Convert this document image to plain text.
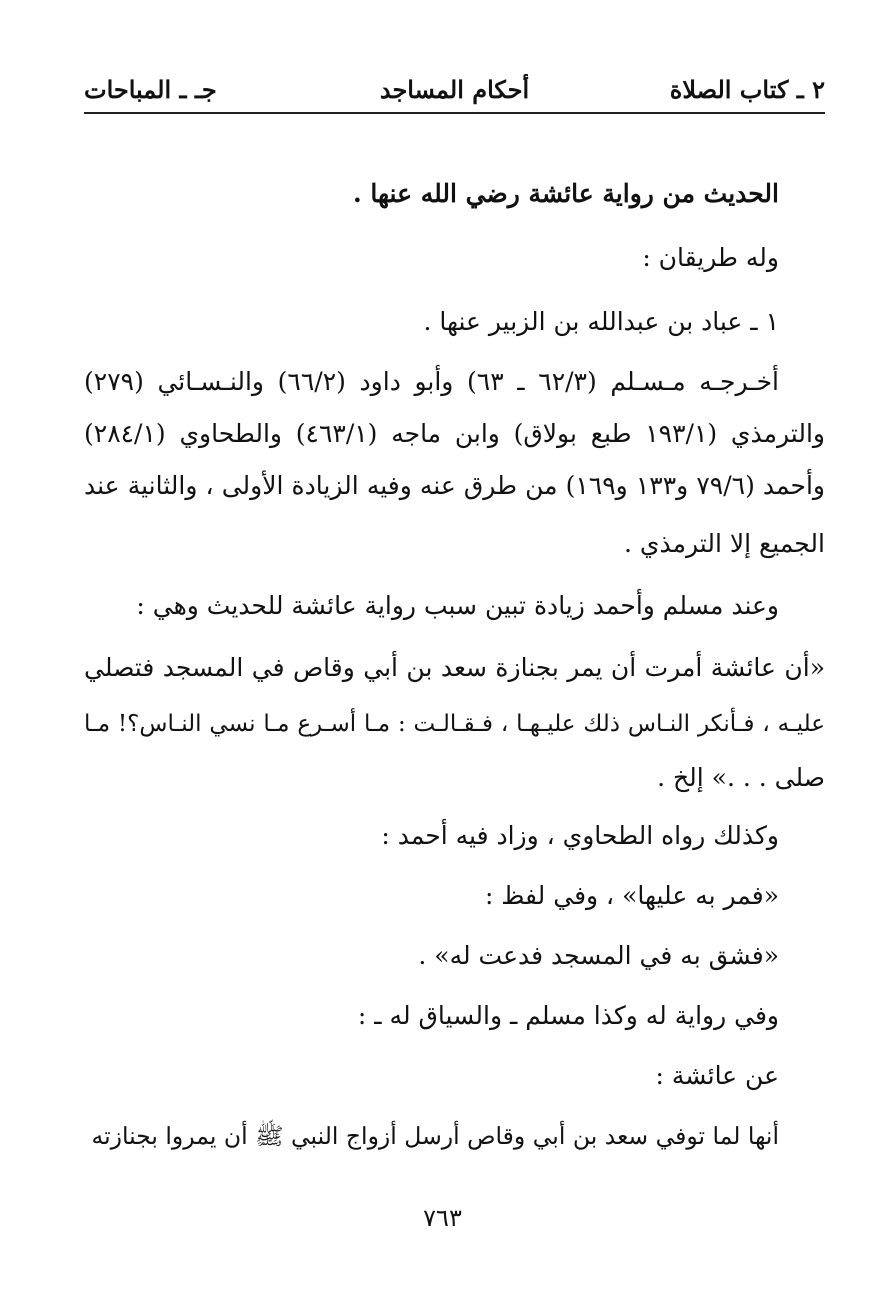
٢ ـ كتاب الصلاة
أحكام المساجد
جـ ـ المباحات
الحديث من رواية عائشة رضي الله عنها .
وله طريقان :
١ ـ عباد بن عبدالله بن الزبير عنها .
أخـرجـه مـسـلم (٦٢/٣ ـ ٦٣) وأبو داود (٦٦/٢) والنـسـائي (٢٧٩)
والترمذي (١٩٣/١ طبع بولاق) وابن ماجه (٤٦٣/١) والطحاوي (٢٨٤/١)
وأحمد (٧٩/٦ و١٣٣ و١٦٩) من طرق عنه وفيه الزيادة الأولى ، والثانية عند
الجميع إلا الترمذي .
وعند مسلم وأحمد زيادة تبين سبب رواية عائشة للحديث وهي :
«أن عائشة أمرت أن يمر بجنازة سعد بن أبي وقاص في المسجد فتصلي
عليـه ، فـأنكر النـاس ذلك عليـهـا ، فـقـالـت : مـا أسـرع مـا نسي النـاس؟! مـا
صلى . . .» إلخ .
وكذلك رواه الطحاوي ، وزاد فيه أحمد :
«فمر به عليها» ، وفي لفظ :
«فشق به في المسجد فدعت له» .
وفي رواية له وكذا مسلم ـ والسياق له ـ :
عن عائشة :
أنها لما توفي سعد بن أبي وقاص أرسل أزواج النبي ﷺ أن يمروا بجنازته
٧٦٣
